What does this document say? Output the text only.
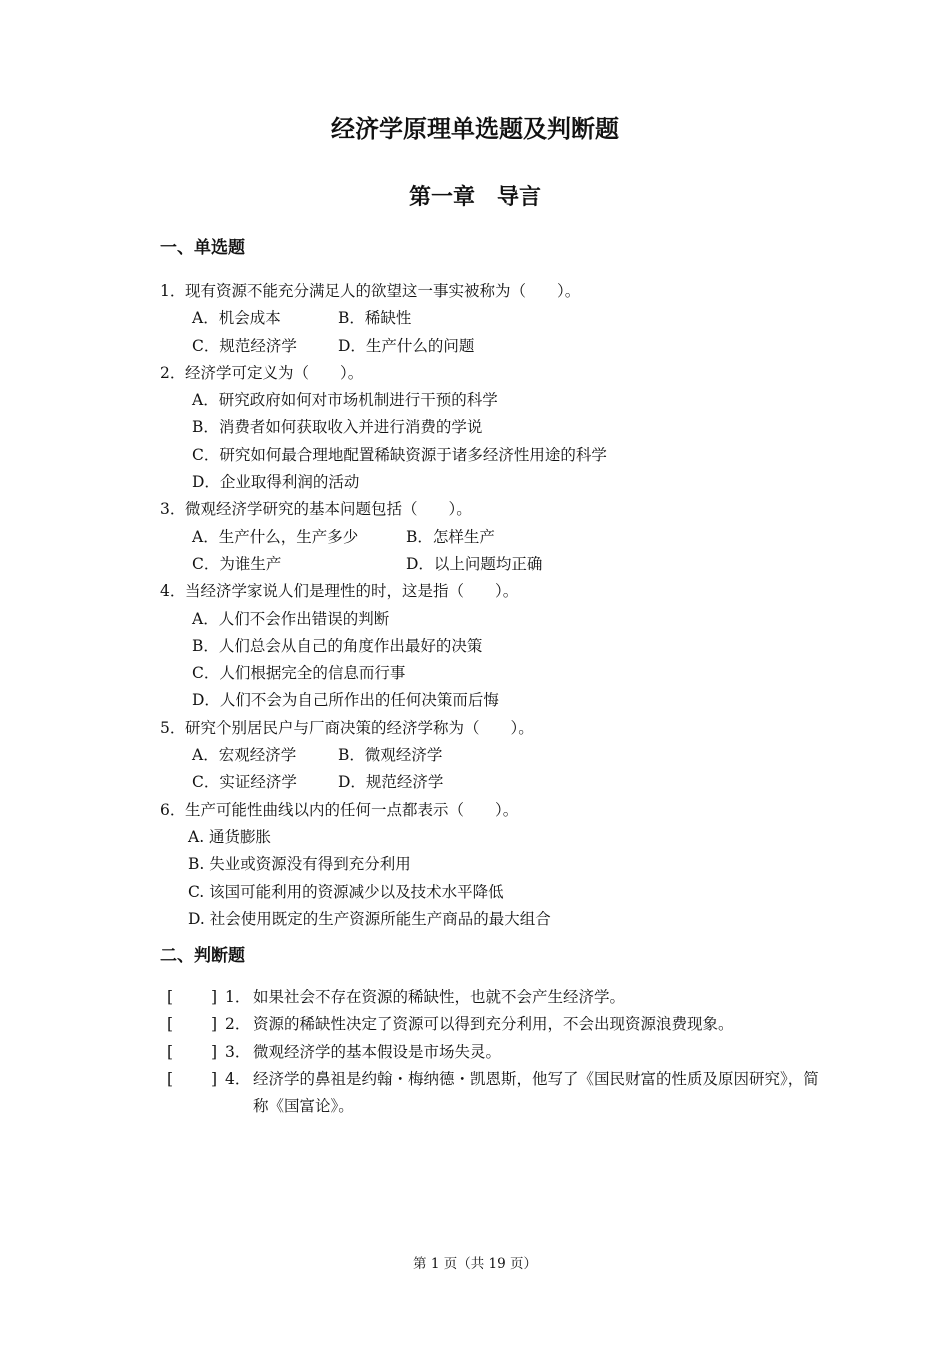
经济学原理单选题及判断题
第一章　导言
一、单选题
1．现有资源不能充分满足人的欲望这一事实被称为（　　）。
A．机会成本	B．稀缺性
C．规范经济学	D．生产什么的问题
2．经济学可定义为（　　）。
A．研究政府如何对市场机制进行干预的科学
B．消费者如何获取收入并进行消费的学说
C．研究如何最合理地配置稀缺资源于诸多经济性用途的科学
D．企业取得利润的活动
3．微观经济学研究的基本问题包括（　　）。
A．生产什么，生产多少	B．怎样生产
C．为谁生产	D．以上问题均正确
4．当经济学家说人们是理性的时，这是指（　　）。
A．人们不会作出错误的判断
B．人们总会从自己的角度作出最好的决策
C．人们根据完全的信息而行事
D．人们不会为自己所作出的任何决策而后悔
5．研究个别居民户与厂商决策的经济学称为（　　）。
A．宏观经济学	B．微观经济学
C．实证经济学	D．规范经济学
6．生产可能性曲线以内的任何一点都表示（　　）。
A. 通货膨胀
B. 失业或资源没有得到充分利用
C. 该国可能利用的资源减少以及技术水平降低
D. 社会使用既定的生产资源所能生产商品的最大组合
二、判断题
[ ] 1． 如果社会不存在资源的稀缺性，也就不会产生经济学。
[ ] 2． 资源的稀缺性决定了资源可以得到充分利用，不会出现资源浪费现象。
[ ] 3． 微观经济学的基本假设是市场失灵。
[ ] 4． 经济学的鼻祖是约翰・梅纳德・凯恩斯，他写了《国民财富的性质及原因研究》，简称《国富论》。
第 1 页（共 19 页）
